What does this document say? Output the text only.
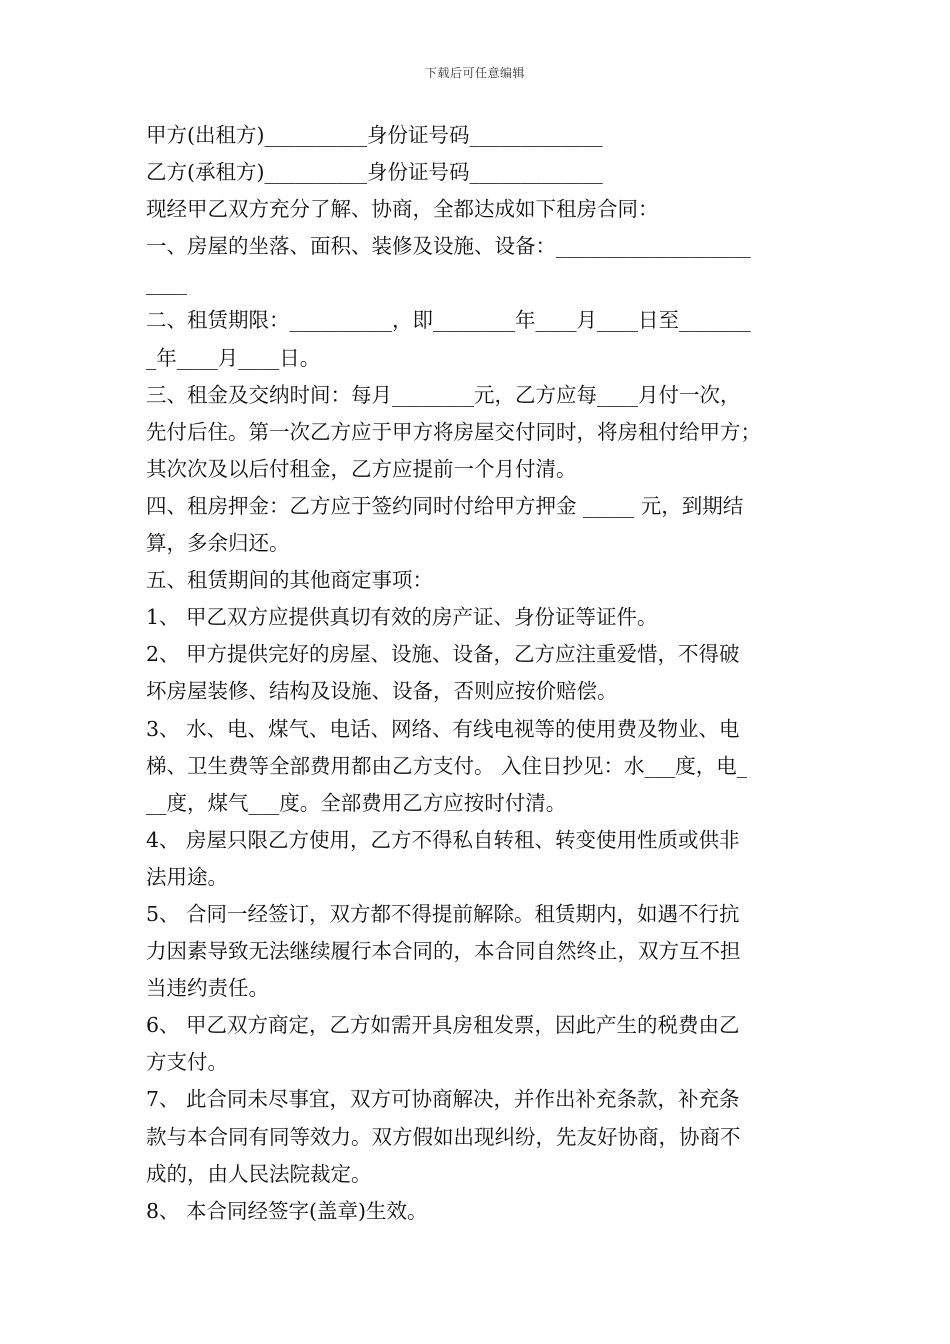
下载后可任意编辑
甲方(出租方)__________身份证号码_____________
乙方(承租方)__________身份证号码_____________
现经甲乙双方充分了解、协商，全都达成如下租房合同：
一、房屋的坐落、面积、装修及设施、设备：___________________
____
二、租赁期限：__________，即________年____月____日至_______
_年____月____日。
三、租金及交纳时间：每月________元，乙方应每____月付一次，
先付后住。第一次乙方应于甲方将房屋交付同时，将房租付给甲方；
其次次及以后付租金，乙方应提前一个月付清。
四、租房押金：乙方应于签约同时付给甲方押金 _____ 元，到期结
算，多余归还。
五、租赁期间的其他商定事项：
1、 甲乙双方应提供真切有效的房产证、身份证等证件。
2、 甲方提供完好的房屋、设施、设备，乙方应注重爱惜，不得破
坏房屋装修、结构及设施、设备，否则应按价赔偿。
3、 水、电、煤气、电话、网络、有线电视等的使用费及物业、电
梯、卫生费等全部费用都由乙方支付。 入住日抄见：水___度，电_
__度，煤气___度。全部费用乙方应按时付清。
4、 房屋只限乙方使用，乙方不得私自转租、转变使用性质或供非
法用途。
5、 合同一经签订，双方都不得提前解除。租赁期内，如遇不行抗
力因素导致无法继续履行本合同的，本合同自然终止，双方互不担
当违约责任。
6、 甲乙双方商定，乙方如需开具房租发票，因此产生的税费由乙
方支付。
7、 此合同未尽事宜，双方可协商解决，并作出补充条款，补充条
款与本合同有同等效力。双方假如出现纠纷，先友好协商，协商不
成的，由人民法院裁定。
8、 本合同经签字(盖章)生效。
